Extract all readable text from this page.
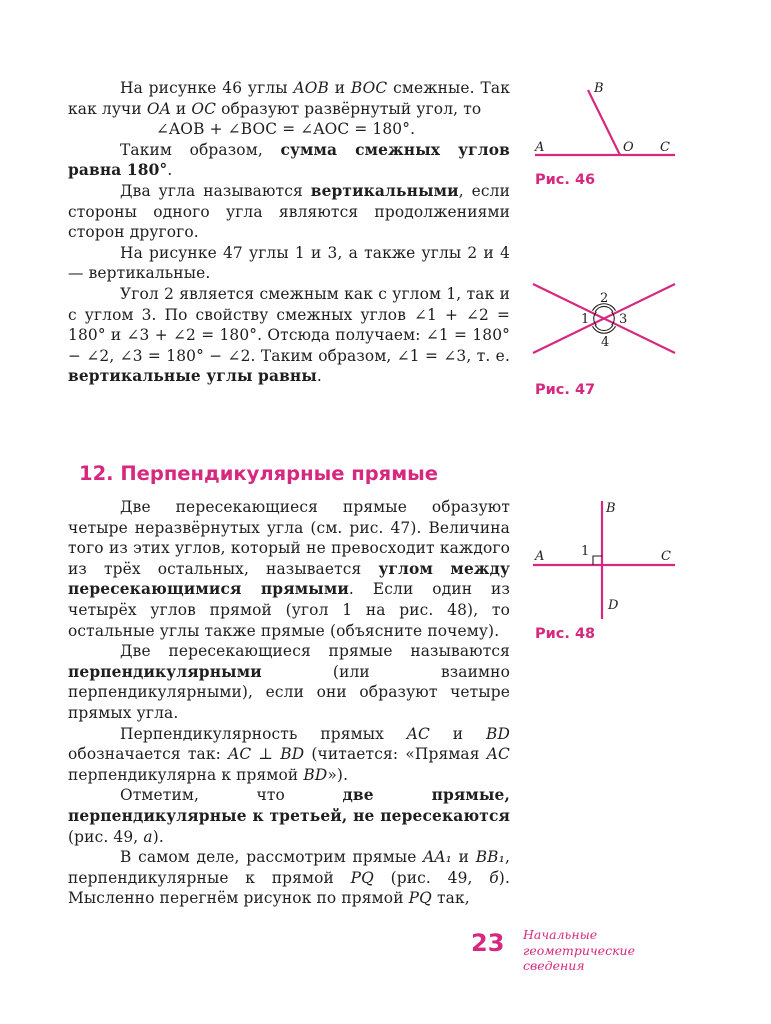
На рисунке 46 углы AOB и BOC смежные. Так как лучи OA и OC образуют развёрнутый угол, то
∠AOB + ∠BOC = ∠AOC = 180°.

Таким образом, сумма смежных углов равна 180°.

Два угла называются вертикальными, если стороны одного угла являются продолжениями сторон другого.

На рисунке 47 углы 1 и 3, а также углы 2 и 4 — вертикальные.

Угол 2 является смежным как с углом 1, так и с углом 3. По свойству смежных углов ∠1 + ∠2 = 180° и ∠3 + ∠2 = 180°. Отсюда получаем: ∠1 = 180° − ∠2, ∠3 = 180° − ∠2. Таким образом, ∠1 = ∠3, т. е. вертикальные углы равны.

12. Перпендикулярные прямые

Две пересекающиеся прямые образуют четыре неразвёрнутых угла (см. рис. 47). Величина того из этих углов, который не превосходит каждого из трёх остальных, называется углом между пересекающимися прямыми. Если один из четырёх углов прямой (угол 1 на рис. 48), то остальные углы также прямые (объясните почему).

Две пересекающиеся прямые называются перпендикулярными (или взаимно перпендикулярными), если они образуют четыре прямых угла.

Перпендикулярность прямых AC и BD обозначается так: AC ⊥ BD (читается: «Прямая AC перпендикулярна к прямой BD»).

Отметим, что две прямые, перпендикулярные к третьей, не пересекаются (рис. 49, а).

В самом деле, рассмотрим прямые AA₁ и BB₁, перпендикулярные к прямой PQ (рис. 49, б). Мысленно перегнём рисунок по прямой PQ так,

B
A	O C
Рис. 46
2
1 3
4
Рис. 47
B
A	1	C
D
Рис. 48
23 Начальные
геометрические
сведения
